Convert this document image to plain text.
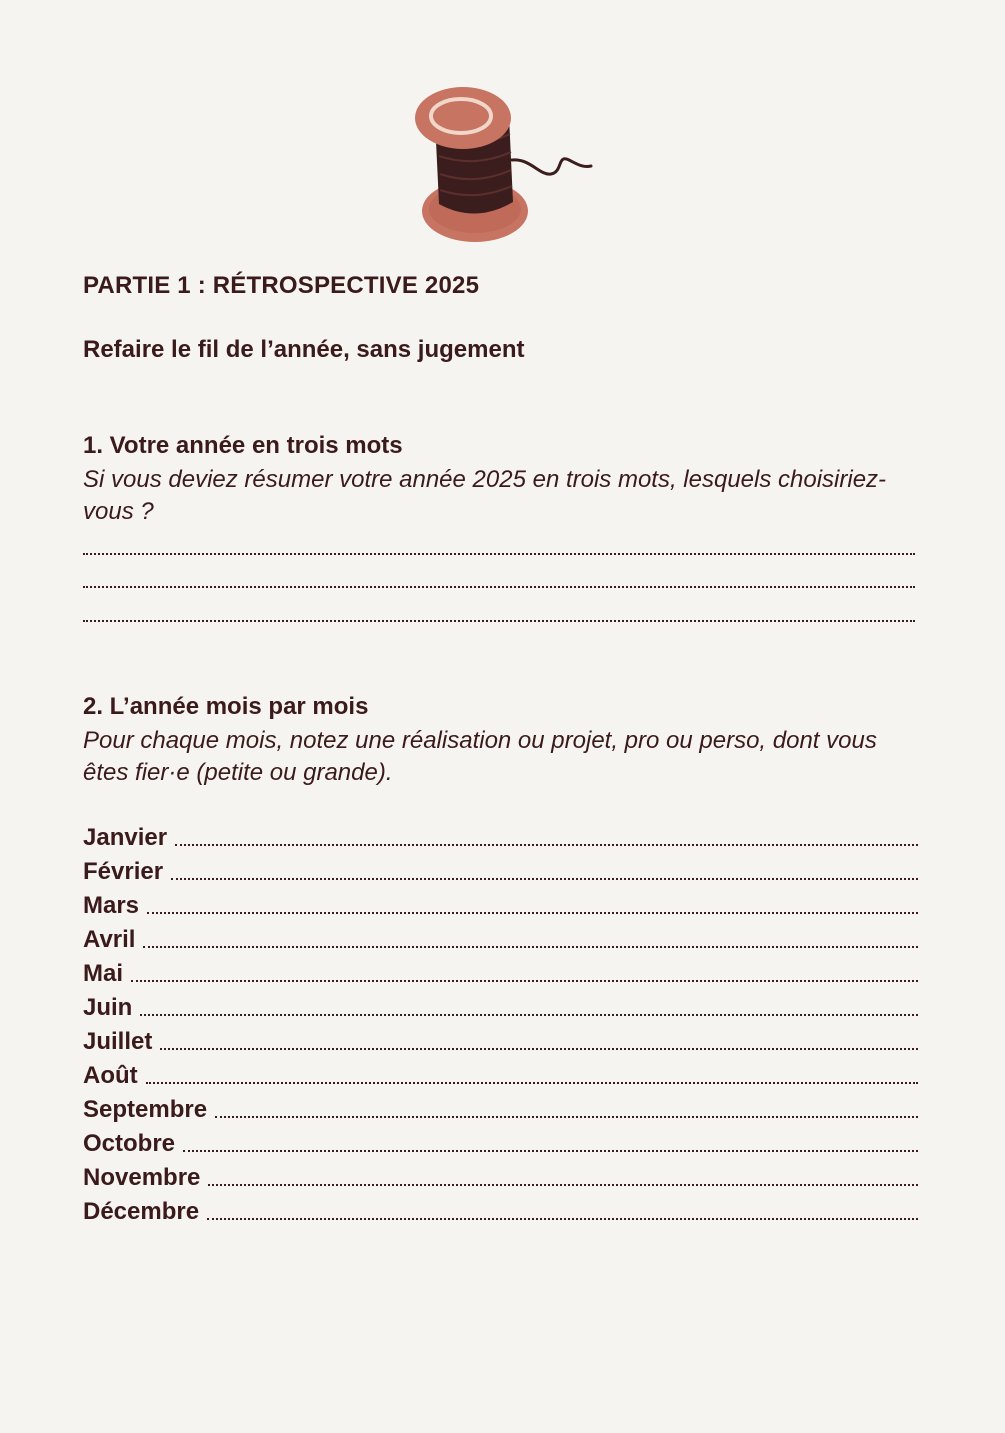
PARTIE 1 : RÉTROSPECTIVE 2025
Refaire le fil de l’année, sans jugement
1. Votre année en trois mots

Si vous deviez résumer votre année 2025 en trois mots, lesquels choisiriez-vous ?

2. L’année mois par mois

Pour chaque mois, notez une réalisation ou projet, pro ou perso, dont vous êtes fier·e (petite ou grande).

Janvier
Février
Mars
Avril
Mai
Juin
Juillet
Août
Septembre
Octobre
Novembre
Décembre
